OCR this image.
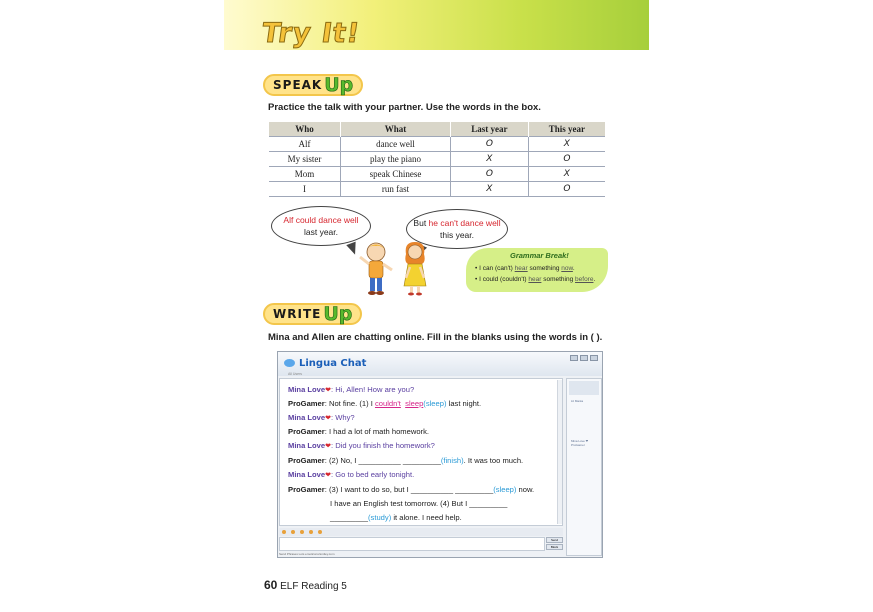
Try It!
SPEAK Up
Practice the talk with your partner. Use the words in the box.
Who	What	Last year	This year
Alf	dance well	O	X
My sister	play the piano	X	O
Mom	speak Chinese	O	X
I	run fast	X	O
Alf could dance well
last year.
But he can't dance well
this year.
Grammar Break!
• I can (can't) hear something now.
• I could (couldn't) hear something before.
WRITE Up
Mina and Allen are chatting online. Fill in the blanks using the words in ( ).
Lingua Chat
All Users
Mina Love❤: Hi, Allen! How are you?
ProGamer: Not fine. (1) I couldn't sleep(sleep) last night.
Mina Love❤: Why?
ProGamer: I had a lot of math homework.
Mina Love❤: Did you finish the homework?
ProGamer: (2) No, I __________ _________(finish). It was too much.
Mina Love❤: Go to bed early tonight.
ProGamer: (3) I want to do so, but I __________ _________(sleep) now.
I have an English test tomorrow. (4) But I _________
_________(study) it alone. I need help.
Lli Mania
Mina Love ❤ ProGamer
Send
Block
Send Phrases Lots emoticons/smiley.com
60 ELF Reading 5
